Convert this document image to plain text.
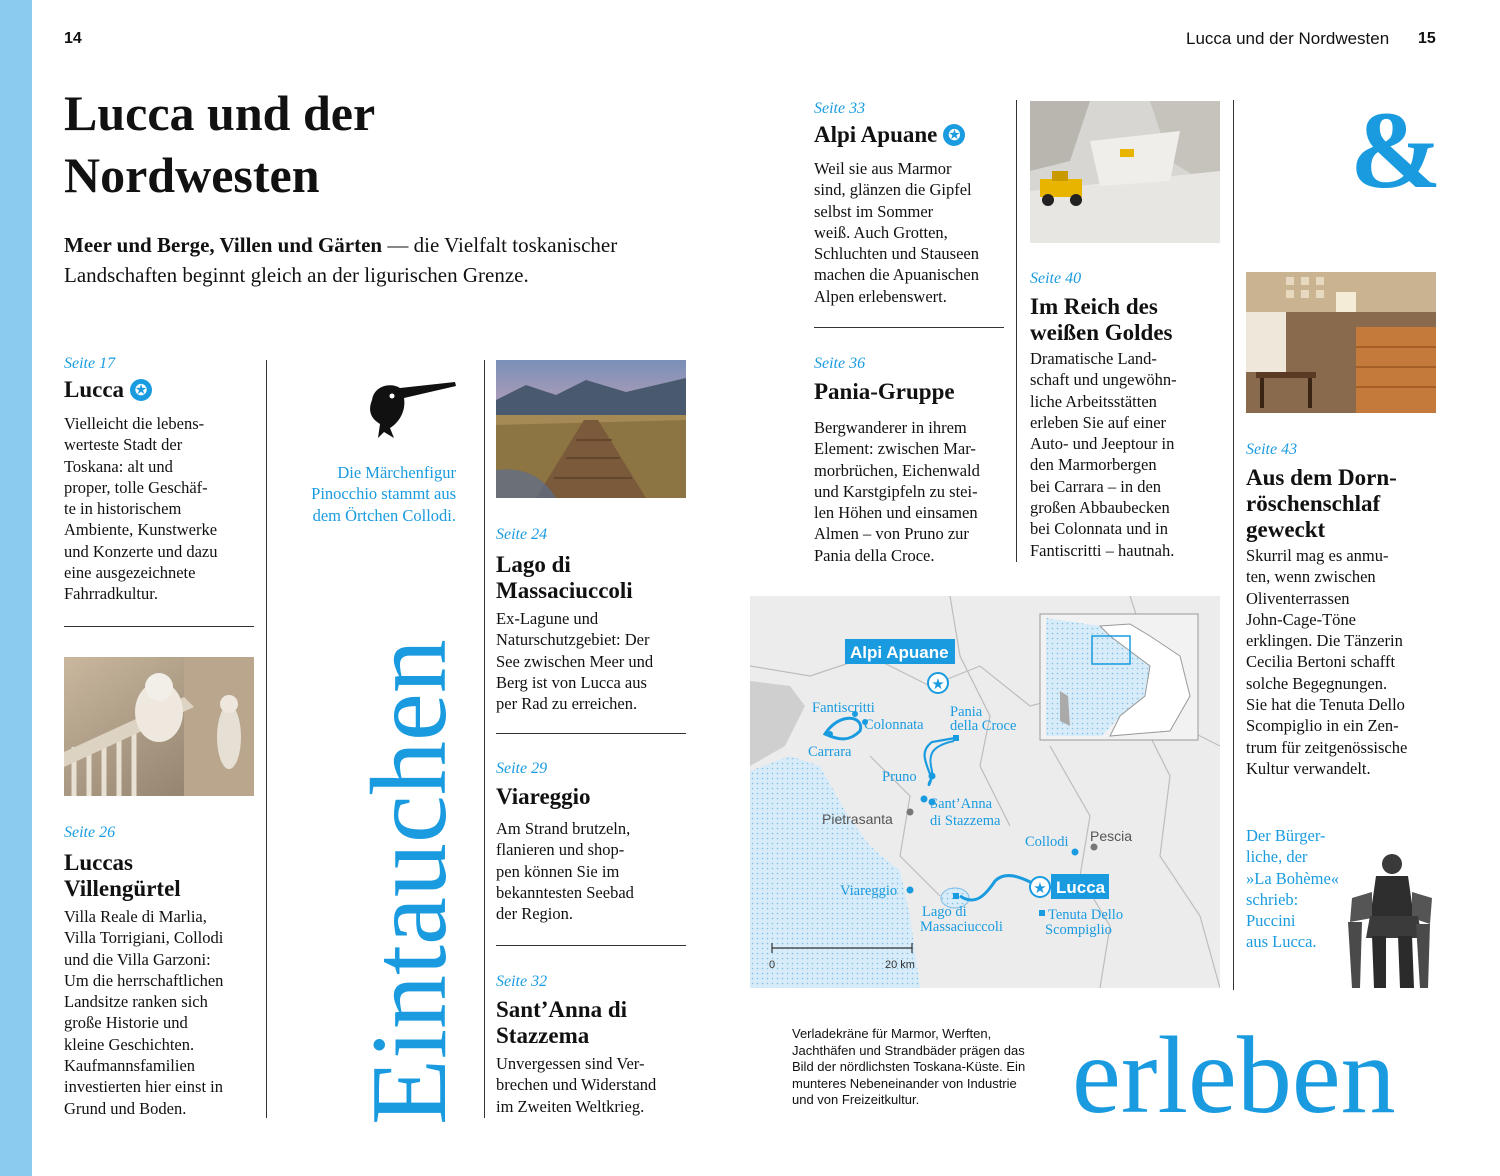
14	Lucca und der Nordwesten 15
Lucca und der
Nordwesten
Meer und Berge, Villen und Gärten — die Vielfalt toskanischer Landschaften beginnt gleich an der ligurischen Grenze.
Seite 17
Lucca ✪
Vielleicht die lebens-
werteste Stadt der
Toskana: alt und
proper, tolle Geschäf-
te in historischem
Ambiente, Kunstwerke
und Konzerte und dazu
eine ausgezeichnete
Fahrradkultur.
Seite 26
Luccas
Villengürtel
Villa Reale di Marlia,
Villa Torrigiani, Collodi
und die Villa Garzoni:
Um die herrschaftlichen
Landsitze ranken sich
große Historie und
kleine Geschichten.
Kaufmannsfamilien
investierten hier einst in
Grund und Boden.
Die Märchenfigur
Pinocchio stammt aus
dem Örtchen Collodi.
Eintauchen
Seite 24
Lago di
Massaciuccoli
Ex-Lagune und
Naturschutzgebiet: Der
See zwischen Meer und
Berg ist von Lucca aus
per Rad zu erreichen.
Seite 29
Viareggio
Am Strand brutzeln,
flanieren und shop-
pen können Sie im
bekanntesten Seebad
der Region.
Seite 32
Sant’Anna di
Stazzema
Unvergessen sind Ver-
brechen und Widerstand
im Zweiten Weltkrieg.
Seite 33
Alpi Apuane ✪
Weil sie aus Marmor
sind, glänzen die Gipfel
selbst im Sommer
weiß. Auch Grotten,
Schluchten und Stauseen
machen die Apuanischen
Alpen erlebenswert.
Seite 36
Pania-Gruppe
Bergwanderer in ihrem
Element: zwischen Mar-
morbrüchen, Eichenwald
und Karstgipfeln zu stei-
len Höhen und einsamen
Almen – von Pruno zur
Pania della Croce.
Seite 40
Im Reich des
weißen Goldes
Dramatische Land-
schaft und ungewöhn-
liche Arbeitsstätten
erleben Sie auf einer
Auto- und Jeeptour in
den Marmorbergen
bei Carrara – in den
großen Abbaubecken
bei Colonnata und in
Fantiscritti – hautnah.
&
Seite 43
Aus dem Dorn-
röschenschlaf
geweckt
Skurril mag es anmu-
ten, wenn zwischen
Oliventerrassen
John-Cage-Töne
erklingen. Die Tänzerin
Cecilia Bertoni schafft
solche Begegnungen.
Sie hat die Tenuta Dello
Scompiglio in ein Zen-
trum für zeitgenössische
Kultur verwandelt.
Der Bürger-
liche, der
»La Bohème«
schrieb:
Puccini
aus Lucca.
★
★
Alpi Apuane
Lucca
Fantiscritti
Colonnata
Carrara
Pania
della Croce
Pruno
Sant’Anna
di Stazzema
Pietrasanta
Collodi Pescia
Viareggio
Lago di
Massaciuccoli
Tenuta Dello
Scompiglio
0	20 km
Verladekräne für Marmor, Werften, Jachthäfen und Strandbäder prägen das Bild der nördlichsten Toskana-Küste. Ein munteres Nebeneinander von Industrie und von Freizeitkultur.	erleben
